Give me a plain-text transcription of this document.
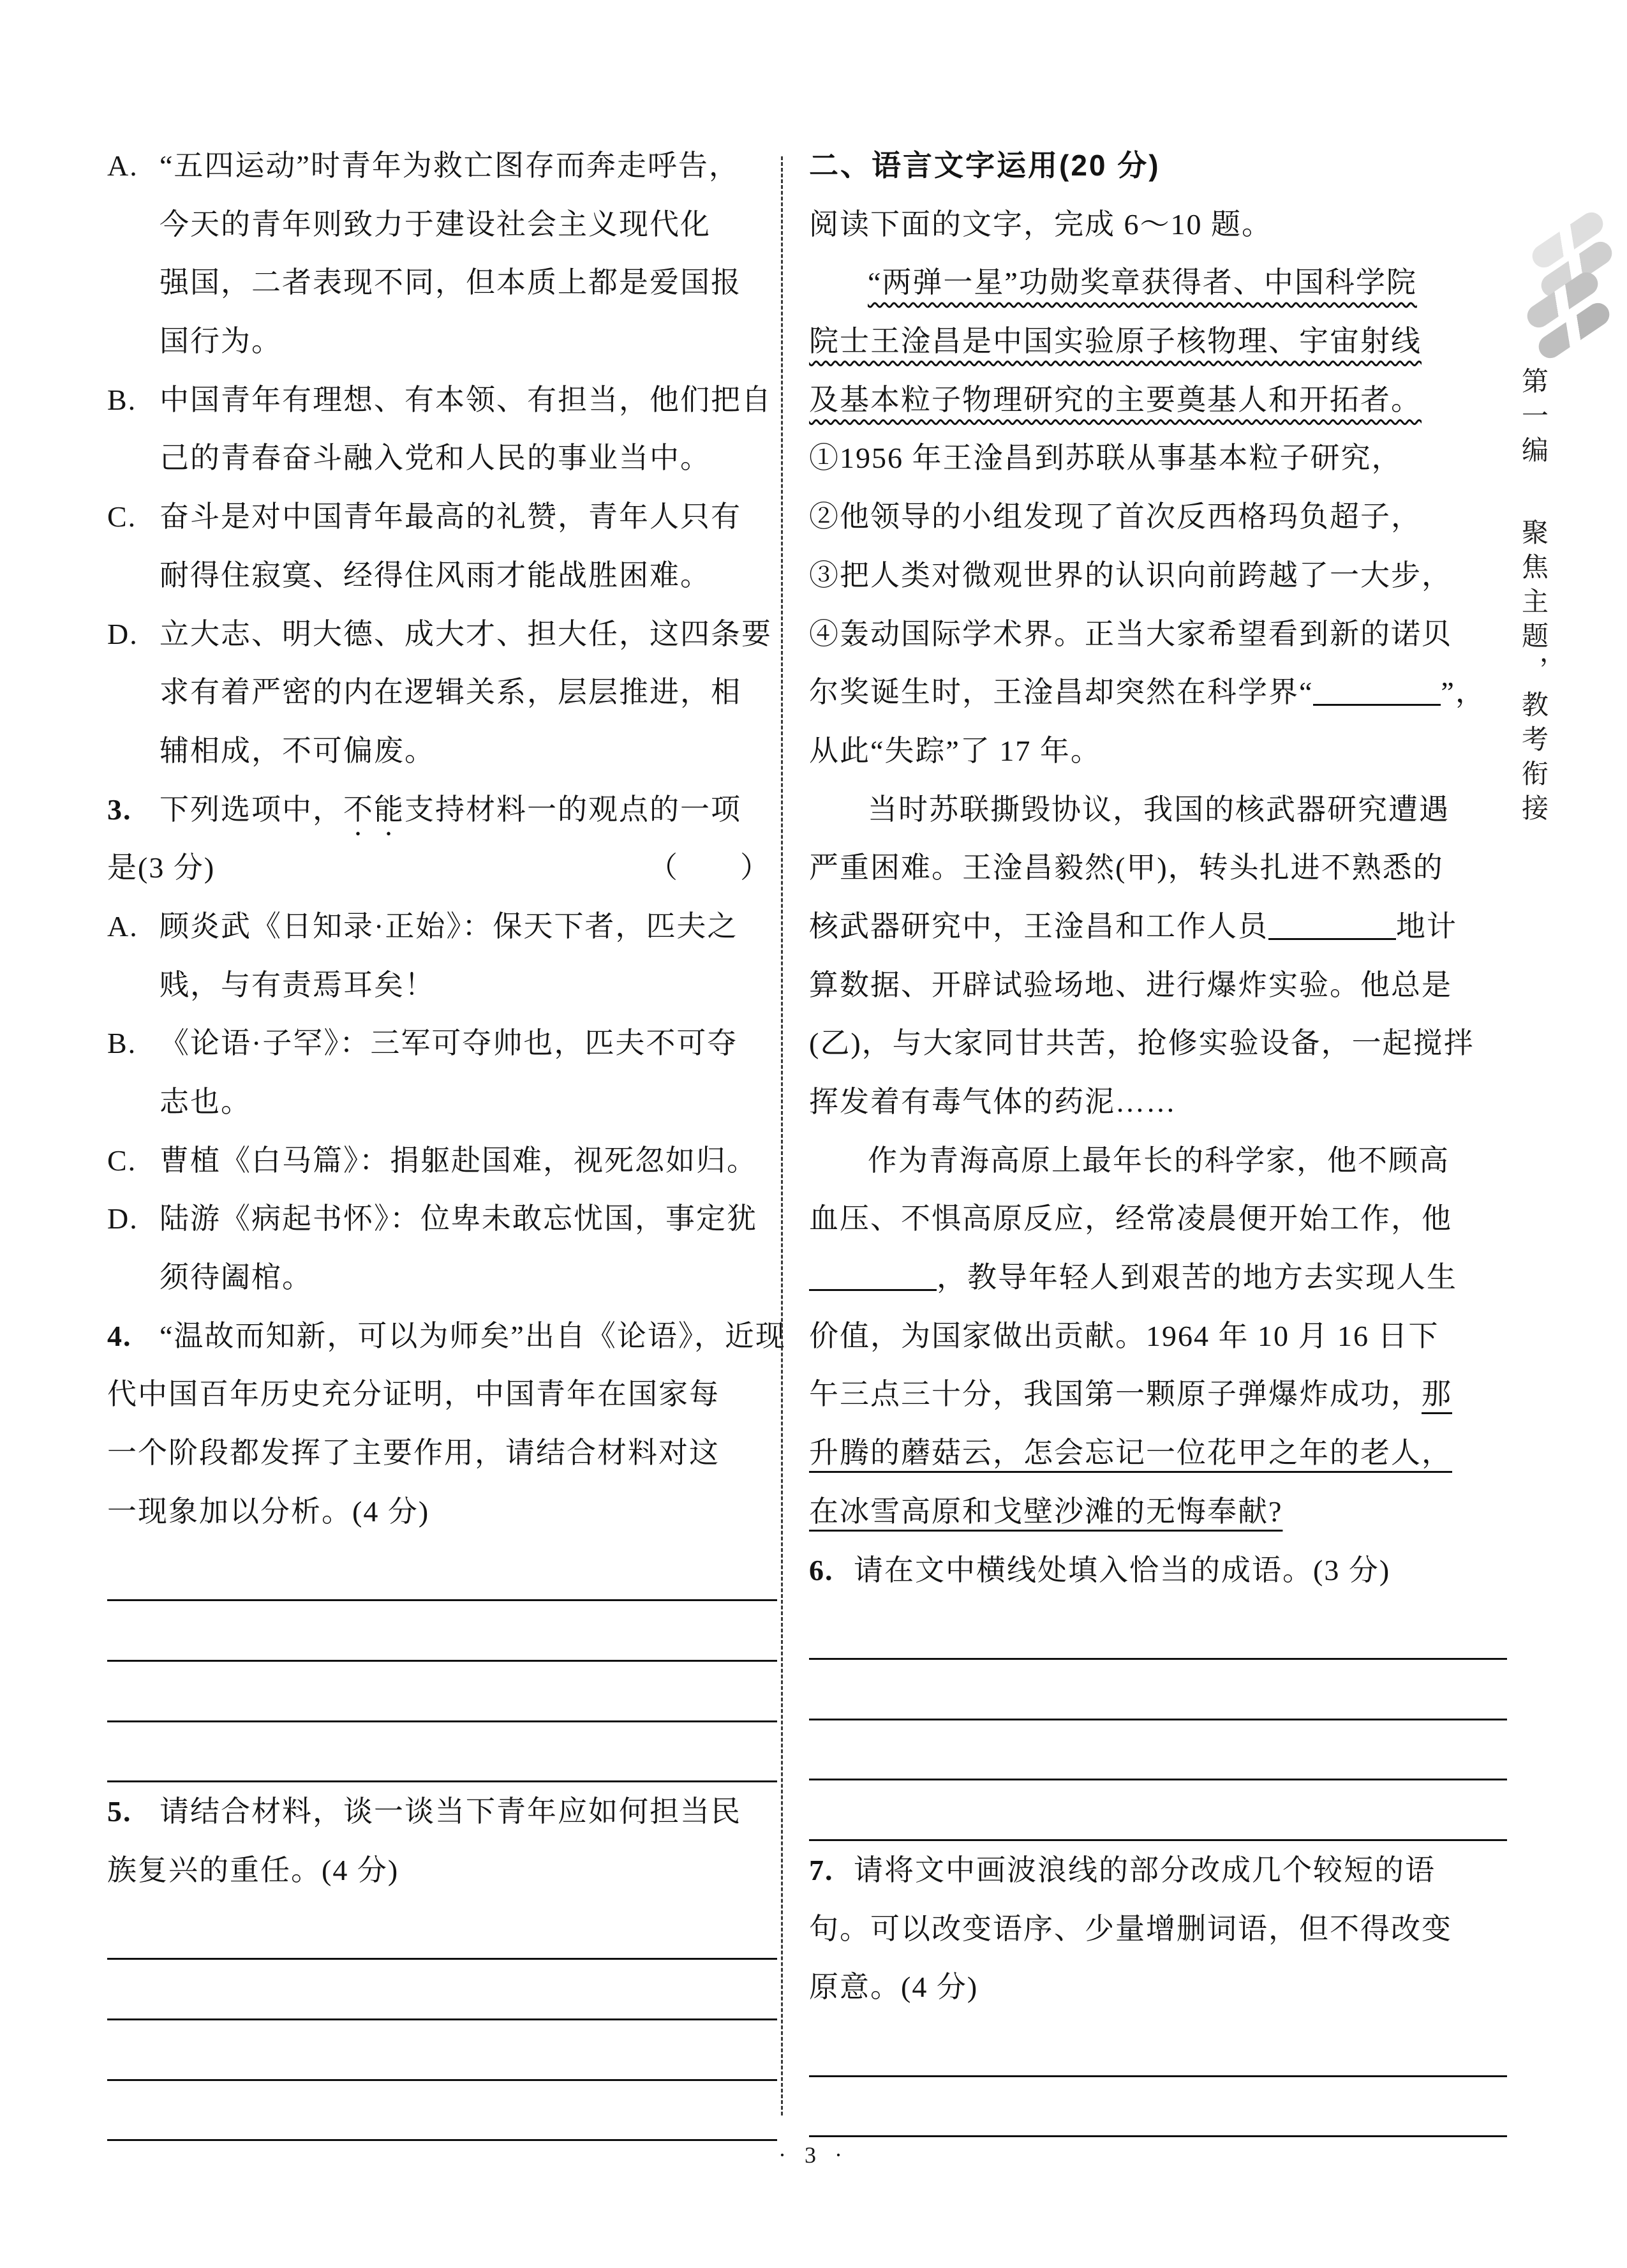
A. “五四运动”时青年为救亡图存而奔走呼告，
今天的青年则致力于建设社会主义现代化
强国，二者表现不同，但本质上都是爱国报
国行为。
B. 中国青年有理想、有本领、有担当，他们把自
己的青春奋斗融入党和人民的事业当中。
C. 奋斗是对中国青年最高的礼赞，青年人只有
耐得住寂寞、经得住风雨才能战胜困难。
D. 立大志、明大德、成大才、担大任，这四条要
求有着严密的内在逻辑关系，层层推进，相
辅相成，不可偏废。
3. 下列选项中，不能支持材料一的观点的一项
是(3 分)	（　　）
A. 顾炎武《日知录·正始》：保天下者，匹夫之
贱，与有责焉耳矣！
B. 《论语·子罕》：三军可夺帅也，匹夫不可夺
志也。
C. 曹植《白马篇》：捐躯赴国难，视死忽如归。
D. 陆游《病起书怀》：位卑未敢忘忧国，事定犹
须待阖棺。
4. “温故而知新，可以为师矣”出自《论语》，近现
代中国百年历史充分证明，中国青年在国家每
一个阶段都发挥了主要作用，请结合材料对这
一现象加以分析。(4 分)
5. 请结合材料，谈一谈当下青年应如何担当民
族复兴的重任。(4 分)
二、语言文字运用(20 分)
阅读下面的文字，完成 6～10 题。
“两弹一星”功勋奖章获得者、中国科学院
院士王淦昌是中国实验原子核物理、宇宙射线
及基本粒子物理研究的主要奠基人和开拓者。
①1956 年王淦昌到苏联从事基本粒子研究，
②他领导的小组发现了首次反西格玛负超子，
③把人类对微观世界的认识向前跨越了一大步，
④轰动国际学术界。正当大家希望看到新的诺贝
尔奖诞生时，王淦昌却突然在科学界“	”，
从此“失踪”了 17 年。
当时苏联撕毁协议，我国的核武器研究遭遇
严重困难。王淦昌毅然(甲)，转头扎进不熟悉的
核武器研究中，王淦昌和工作人员	地计
算数据、开辟试验场地、进行爆炸实验。他总是
(乙)，与大家同甘共苦，抢修实验设备，一起搅拌
挥发着有毒气体的药泥……
作为青海高原上最年长的科学家，他不顾高
血压、不惧高原反应，经常凌晨便开始工作，他
，教导年轻人到艰苦的地方去实现人生
价值，为国家做出贡献。1964 年 10 月 16 日下
午三点三十分，我国第一颗原子弹爆炸成功，那
升腾的蘑菇云，怎会忘记一位花甲之年的老人，
在冰雪高原和戈壁沙滩的无悔奉献?
6. 请在文中横线处填入恰当的成语。(3 分)
7. 请将文中画波浪线的部分改成几个较短的语
句。可以改变语序、少量增删词语，但不得改变
原意。(4 分)
第一编 聚焦主题，教考衔接
· 3 ·
